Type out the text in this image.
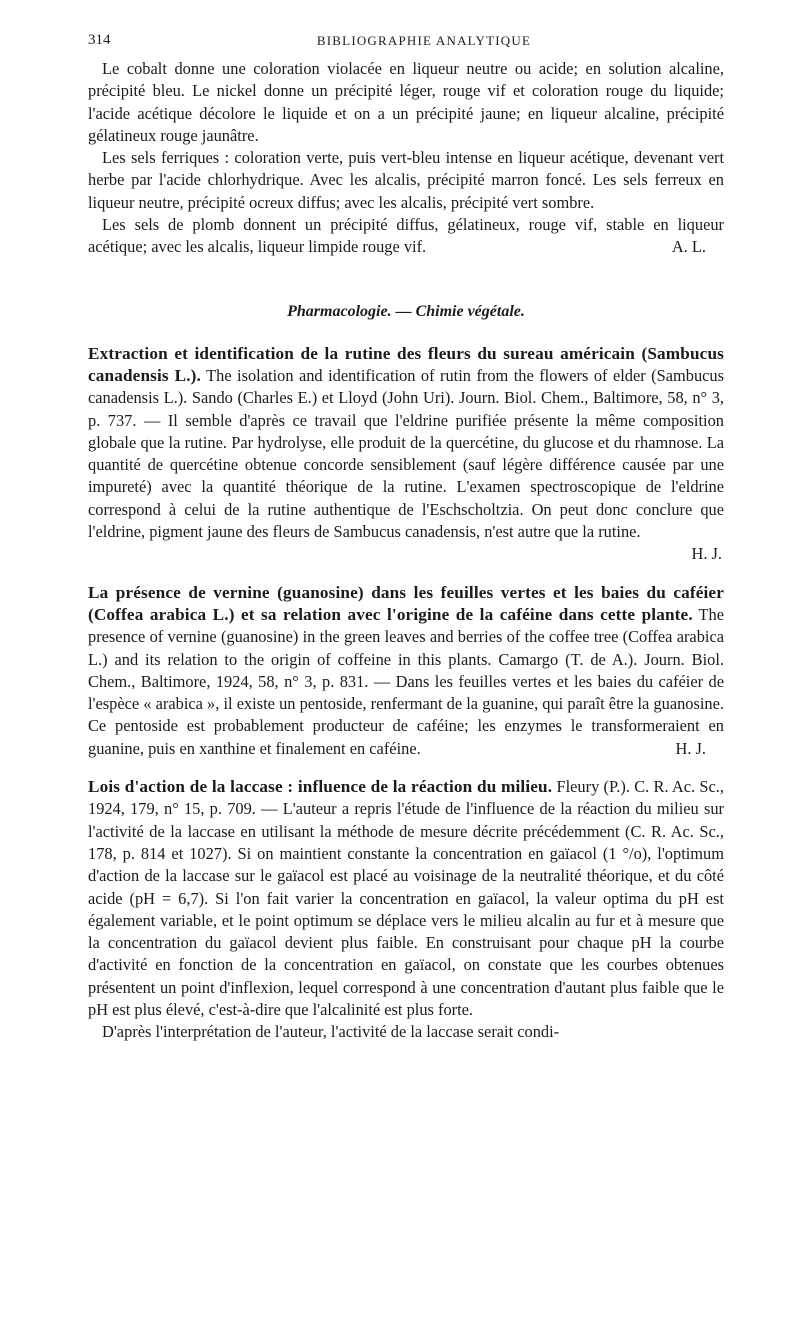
314	BIBLIOGRAPHIE ANALYTIQUE

Le cobalt donne une coloration violacée en liqueur neutre ou acide; en solution alcaline, précipité bleu. Le nickel donne un précipité léger, rouge vif et coloration rouge du liquide; l'acide acétique décolore le liquide et on a un précipité jaune; en liqueur alcaline, précipité gélatineux rouge jaunâtre.

Les sels ferriques : coloration verte, puis vert-bleu intense en liqueur acétique, devenant vert herbe par l'acide chlorhydrique. Avec les alcalis, précipité marron foncé. Les sels ferreux en liqueur neutre, précipité ocreux diffus; avec les alcalis, précipité vert sombre.

Les sels de plomb donnent un précipité diffus, gélatineux, rouge vif, stable en liqueur acétique; avec les alcalis, liqueur limpide rouge vif.	A. L.

Pharmacologie. — Chimie végétale.

Extraction et identification de la rutine des fleurs du sureau américain (Sambucus canadensis L.). The isolation and identification of rutin from the flowers of elder (Sambucus canadensis L.). Sando (Charles E.) et Lloyd (John Uri). Journ. Biol. Chem., Baltimore, 58, n° 3, p. 737. — Il semble d'après ce travail que l'eldrine purifiée présente la même composition globale que la rutine. Par hydrolyse, elle produit de la quercétine, du glucose et du rhamnose. La quantité de quercétine obtenue concorde sensiblement (sauf légère différence causée par une impureté) avec la quantité théorique de la rutine. L'examen spectroscopique de l'eldrine correspond à celui de la rutine authentique de l'Eschscholtzia. On peut donc conclure que l'eldrine, pigment jaune des fleurs de Sambucus canadensis, n'est autre que la rutine.

H. J.

La présence de vernine (guanosine) dans les feuilles vertes et les baies du caféier (Coffea arabica L.) et sa relation avec l'origine de la caféine dans cette plante. The presence of vernine (guanosine) in the green leaves and berries of the coffee tree (Coffea arabica L.) and its relation to the origin of coffeine in this plants. Camargo (T. de A.). Journ. Biol. Chem., Baltimore, 1924, 58, n° 3, p. 831. — Dans les feuilles vertes et les baies du caféier de l'espèce « arabica », il existe un pentoside, renfermant de la guanine, qui paraît être la guanosine. Ce pentoside est probablement producteur de caféine; les enzymes le transformeraient en guanine, puis en xanthine et finalement en caféine.	H. J.

Lois d'action de la laccase : influence de la réaction du milieu. Fleury (P.). C. R. Ac. Sc., 1924, 179, n° 15, p. 709. — L'auteur a repris l'étude de l'influence de la réaction du milieu sur l'activité de la laccase en utilisant la méthode de mesure décrite précédemment (C. R. Ac. Sc., 178, p. 814 et 1027). Si on maintient constante la concentration en gaïacol (1 °/o), l'optimum d'action de la laccase sur le gaïacol est placé au voisinage de la neutralité théorique, et du côté acide (pH = 6,7). Si l'on fait varier la concentration en gaïacol, la valeur optima du pH est également variable, et le point optimum se déplace vers le milieu alcalin au fur et à mesure que la concentration du gaïacol devient plus faible. En construisant pour chaque pH la courbe d'activité en fonction de la concentration en gaïacol, on constate que les courbes obtenues présentent un point d'inflexion, lequel correspond à une concentration d'autant plus faible que le pH est plus élevé, c'est-à-dire que l'alcalinité est plus forte.

D'après l'interprétation de l'auteur, l'activité de la laccase serait condi-
